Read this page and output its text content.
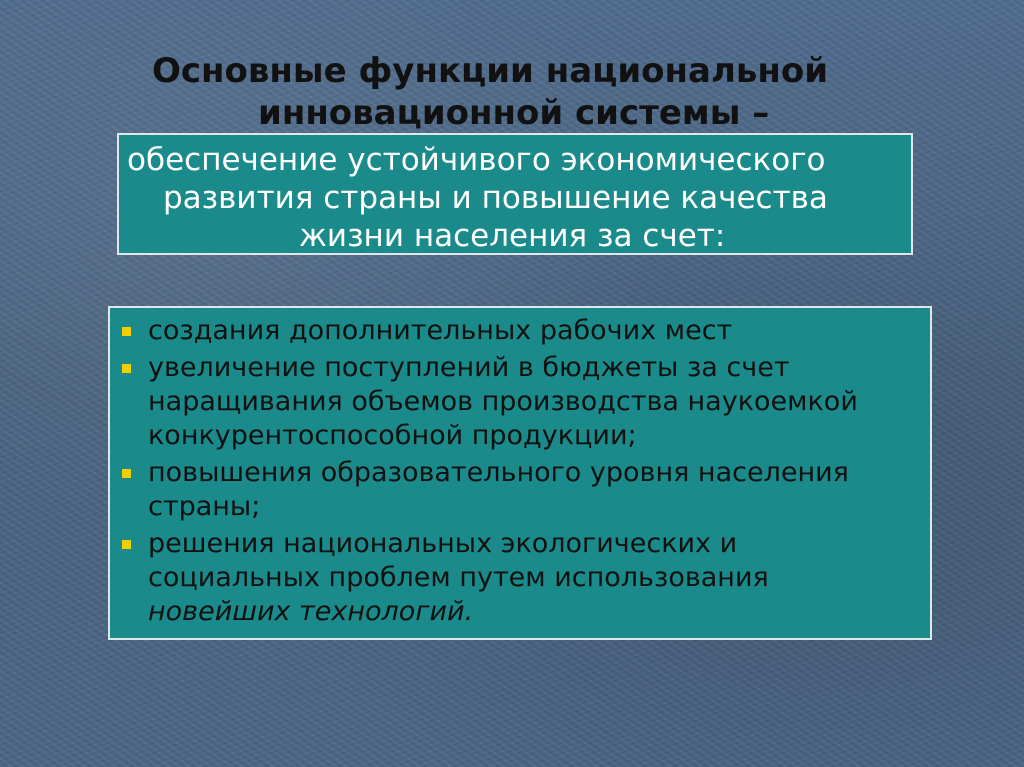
Основные функции национальной
инновационной системы –
обеспечение устойчивого экономического
развития страны и повышение качества
жизни населения за счет:
создания дополнительных рабочих мест
увеличение поступлений в бюджеты за счет
наращивания объемов производства наукоемкой
конкурентоспособной продукции;
повышения образовательного уровня населения
страны;
решения национальных экологических и
социальных проблем путем использования
новейших технологий.
